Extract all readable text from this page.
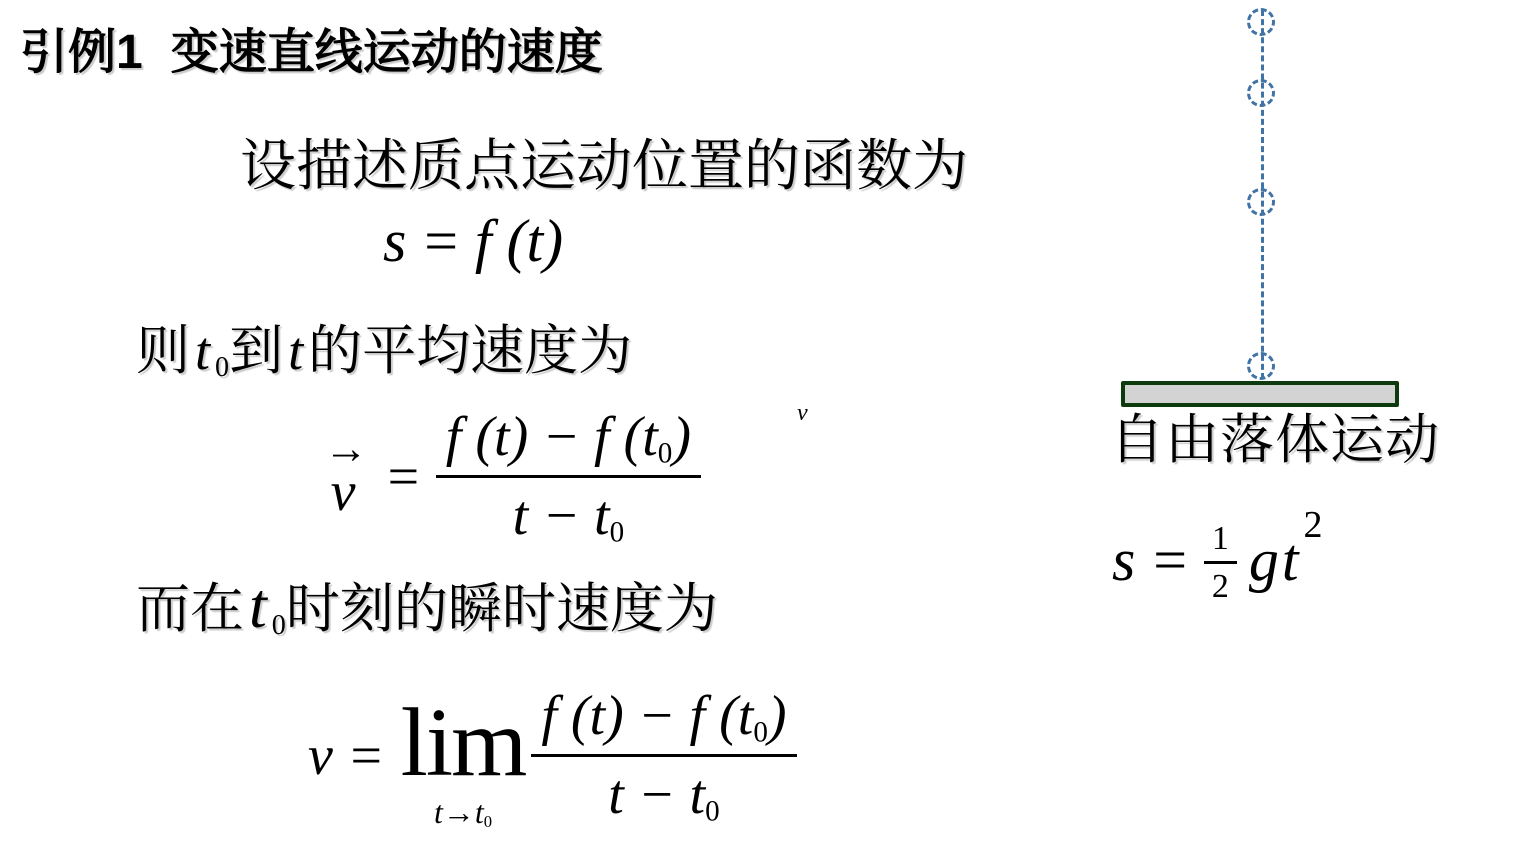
引例1 变速直线运动的速度
设描述质点运动位置的函数为
s = f (t)
则t $_0$到t的平均速度为
→
$v = \frac{f (t) - f (t_0)}{t - t_0}$	v
而在t $_0$时刻的瞬时速度为
v = lim
$t\to t_0 \frac{f (t) - f (t_0)}{t - t_0}$
自由落体运动
$s = \frac{1}{2}$ gt
$^2$
